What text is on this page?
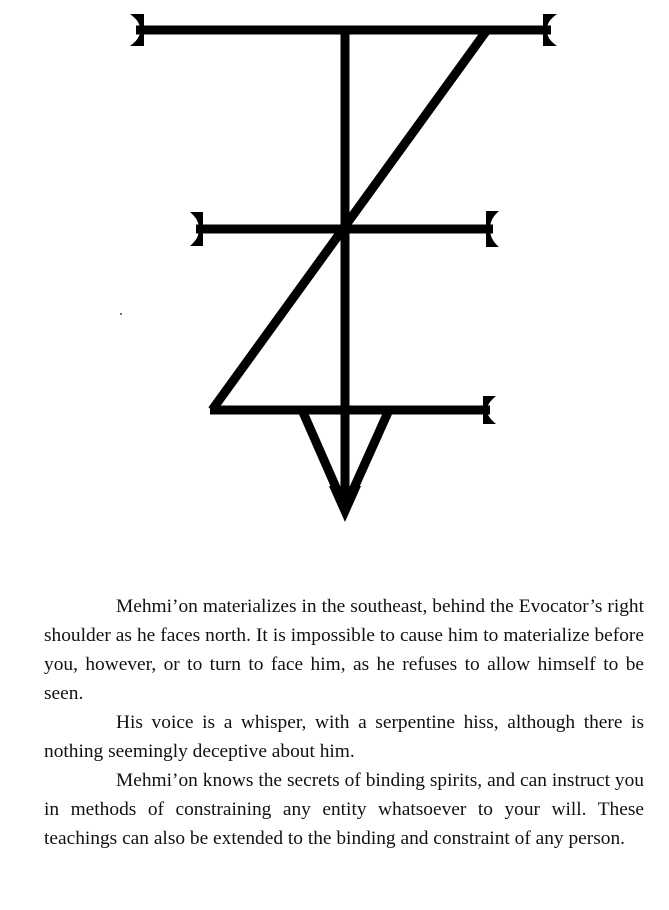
Mehmi’on materializes in the southeast, behind the Evocator’s right shoulder as he faces north. It is impossible to cause him to materialize before you, however, or to turn to face him, as he refuses to allow himself to be seen.

His voice is a whisper, with a serpentine hiss, although there is nothing seemingly deceptive about him.

Mehmi’on knows the secrets of binding spirits, and can instruct you in methods of constraining any entity whatsoever to your will. These teachings can also be extended to the binding and constraint of any person.
